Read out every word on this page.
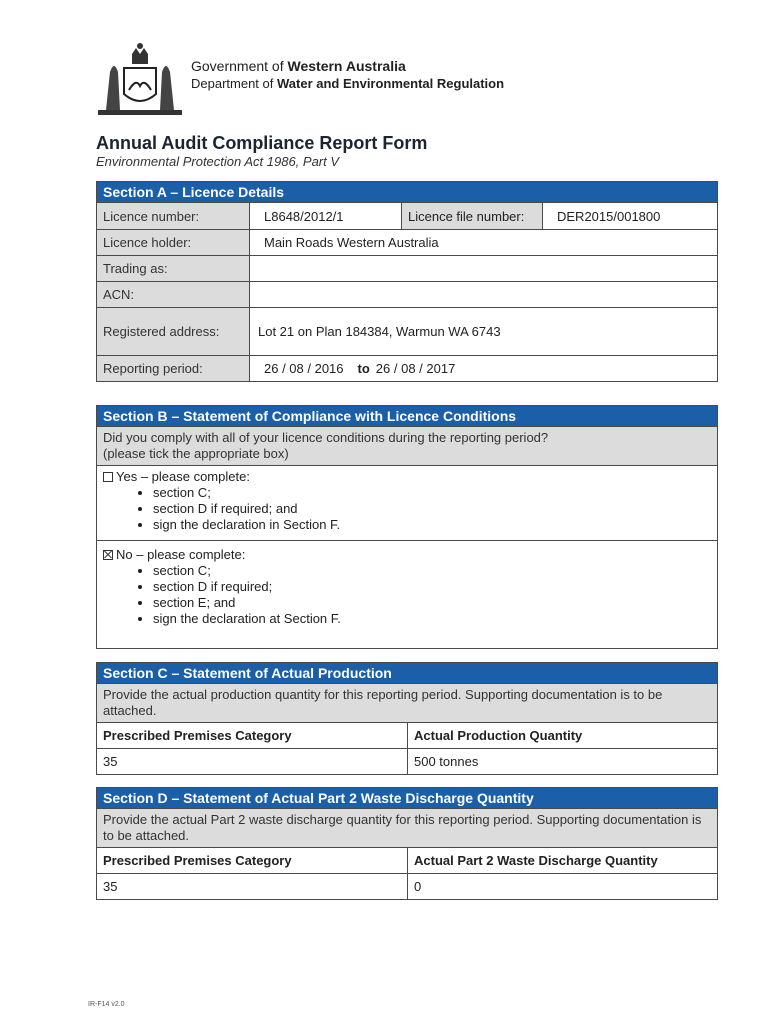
Government of Western Australia
Department of Water and Environmental Regulation
Annual Audit Compliance Report Form
Environmental Protection Act 1986, Part V
Section A – Licence Details
Licence number:	L8648/2012/1	Licence file number:	DER2015/001800
Licence holder:	Main Roads Western Australia
Trading as:
ACN:
Registered address:	Lot 21 on Plan 184384, Warmun WA 6743
Reporting period:	26 / 08 / 2016 to 26 / 08 / 2017
Section B – Statement of Compliance with Licence Conditions
Did you comply with all of your licence conditions during the reporting period?
(please tick the appropriate box)
Yes – please complete:
• section C;
• section D if required; and
• sign the declaration in Section F.
No – please complete:
• section C;
• section D if required;
• section E; and
• sign the declaration at Section F.
Section C – Statement of Actual Production
Provide the actual production quantity for this reporting period. Supporting documentation is to be attached.
Prescribed Premises Category	Actual Production Quantity
35	500 tonnes
Section D – Statement of Actual Part 2 Waste Discharge Quantity
Provide the actual Part 2 waste discharge quantity for this reporting period. Supporting documentation is to be attached.
Prescribed Premises Category	Actual Part 2 Waste Discharge Quantity
35	0
IR-F14 v2.0
